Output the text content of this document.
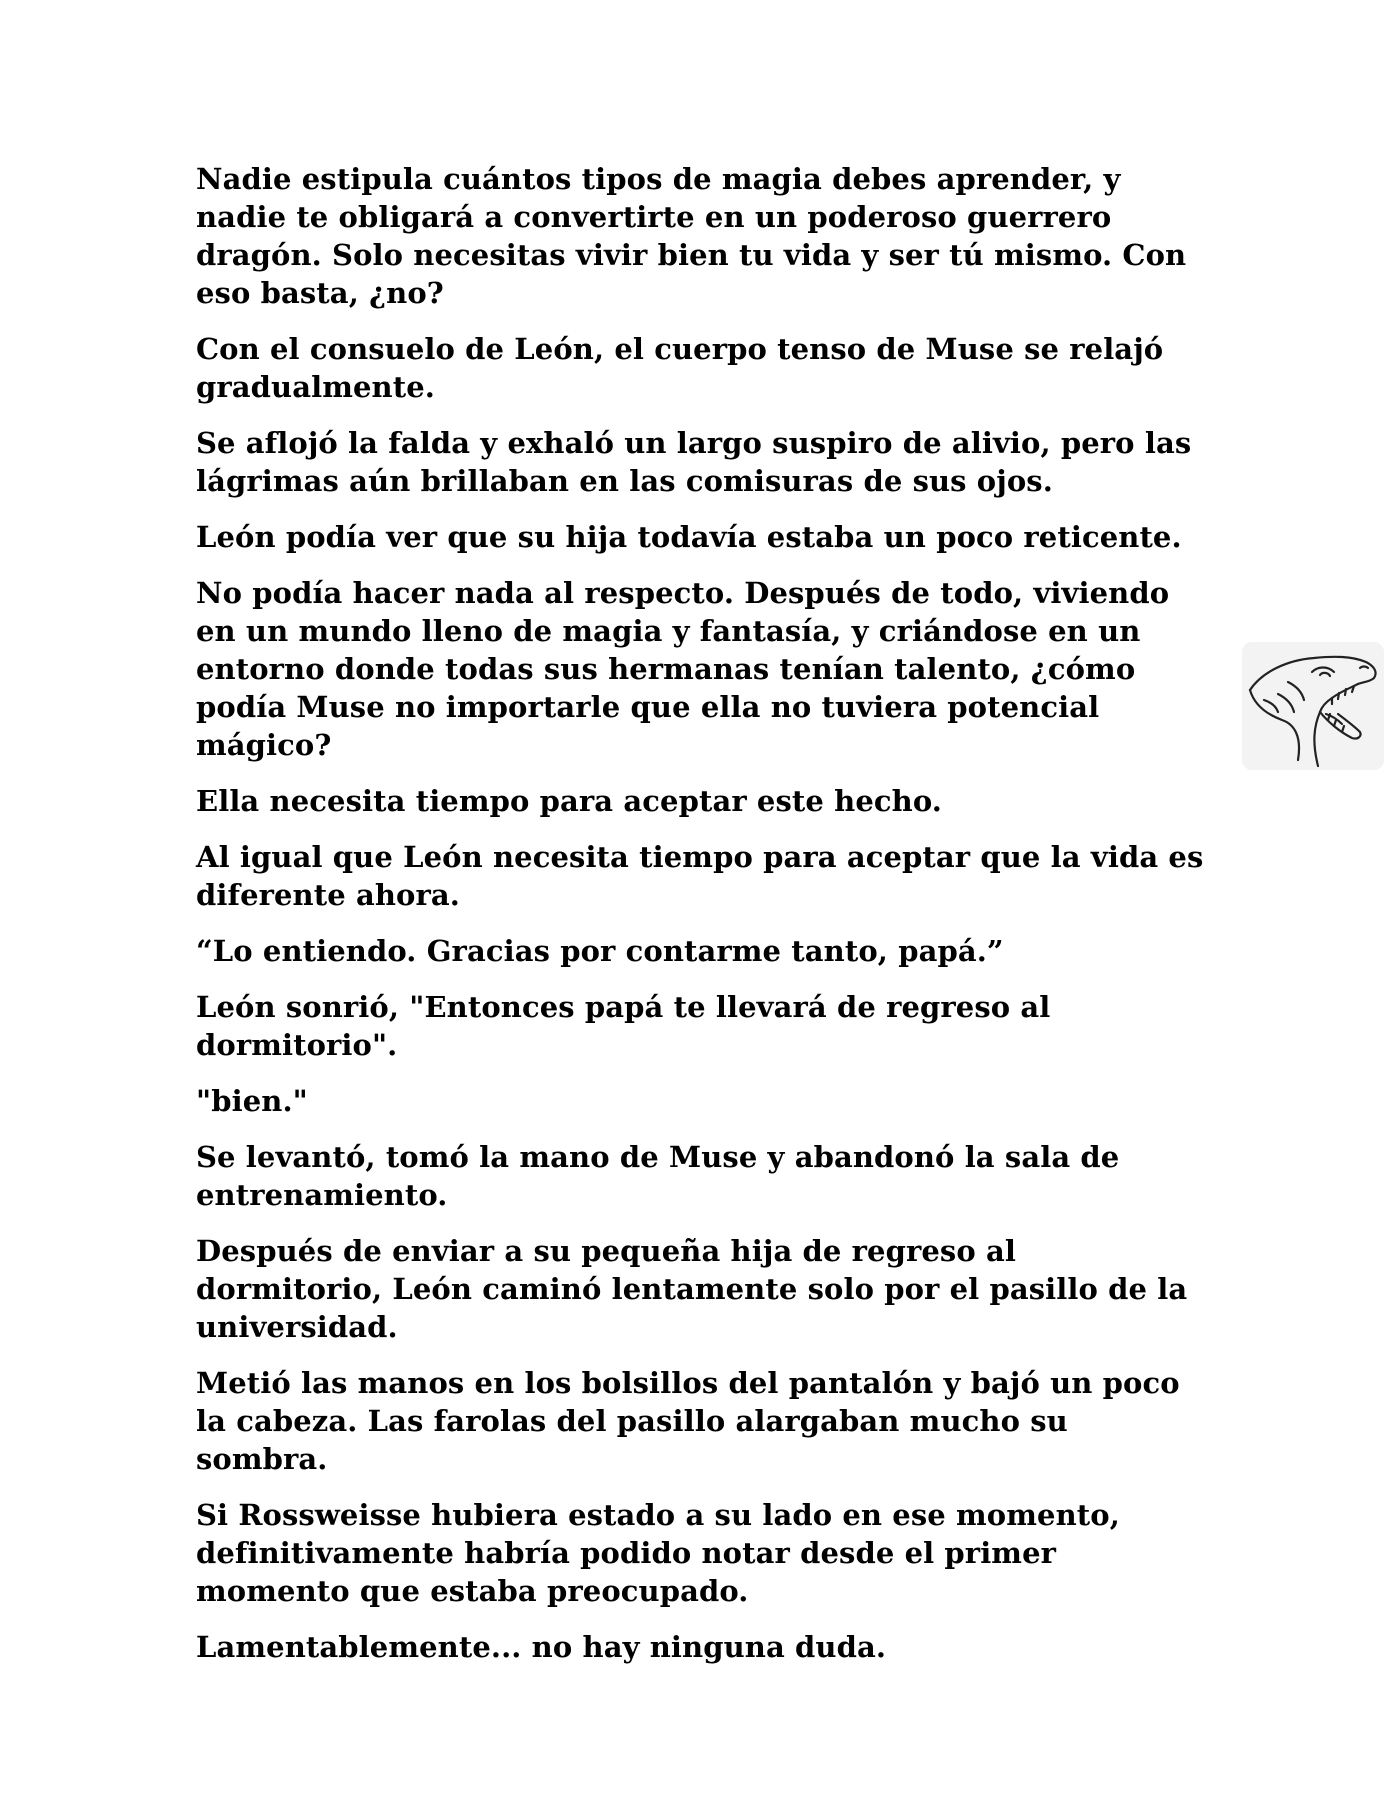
Nadie estipula cuántos tipos de magia debes aprender, y nadie te obligará a convertirte en un poderoso guerrero dragón. Solo necesitas vivir bien tu vida y ser tú mismo. Con eso basta, ¿no?

Con el consuelo de León, el cuerpo tenso de Muse se relajó gradualmente.

Se aflojó la falda y exhaló un largo suspiro de alivio, pero las lágrimas aún brillaban en las comisuras de sus ojos.

León podía ver que su hija todavía estaba un poco reticente.

No podía hacer nada al respecto. Después de todo, viviendo en un mundo lleno de magia y fantasía, y criándose en un entorno donde todas sus hermanas tenían talento, ¿cómo podía Muse no importarle que ella no tuviera potencial mágico?

Ella necesita tiempo para aceptar este hecho.

Al igual que León necesita tiempo para aceptar que la vida es diferente ahora.

“Lo entiendo. Gracias por contarme tanto, papá.”

León sonrió, "Entonces papá te llevará de regreso al dormitorio".

"bien."

Se levantó, tomó la mano de Muse y abandonó la sala de entrenamiento.

Después de enviar a su pequeña hija de regreso al dormitorio, León caminó lentamente solo por el pasillo de la universidad.

Metió las manos en los bolsillos del pantalón y bajó un poco la cabeza. Las farolas del pasillo alargaban mucho su sombra.

Si Rossweisse hubiera estado a su lado en ese momento, definitivamente habría podido notar desde el primer momento que estaba preocupado.

Lamentablemente... no hay ninguna duda.
